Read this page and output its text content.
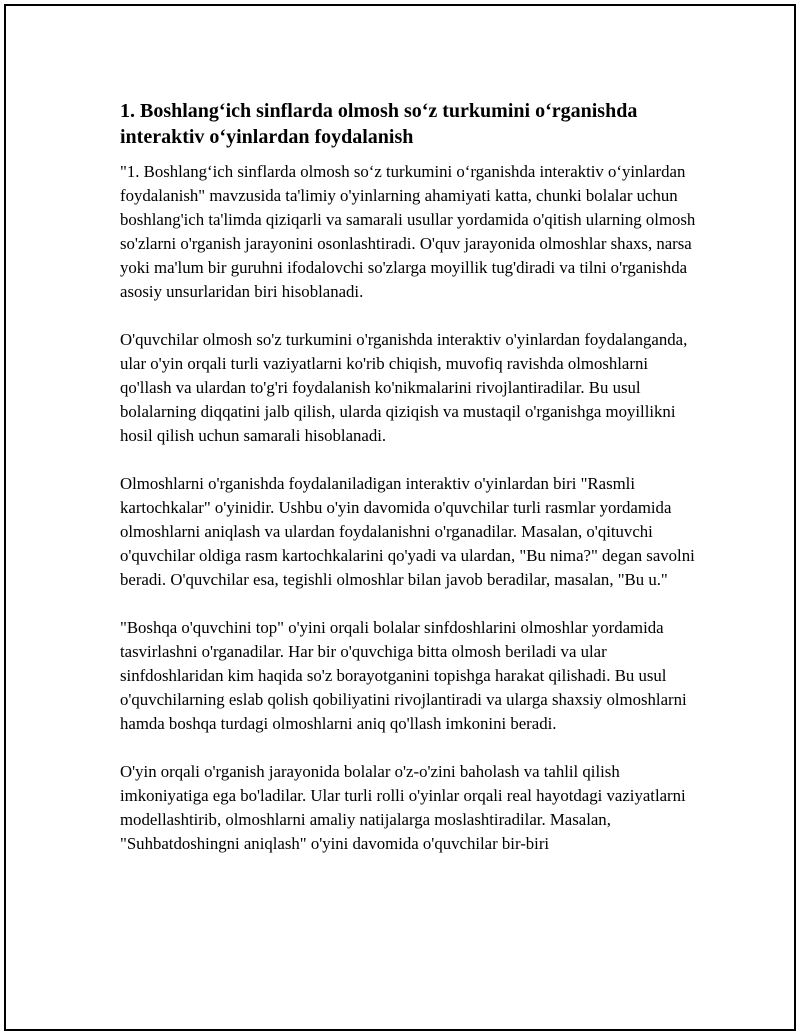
1. Boshlang‘ich sinflarda olmosh so‘z turkumini o‘rganishda interaktiv o‘yinlardan foydalanish

"1. Boshlang‘ich sinflarda olmosh so‘z turkumini o‘rganishda interaktiv o‘yinlardan foydalanish" mavzusida ta'limiy o'yinlarning ahamiyati katta, chunki bolalar uchun boshlang'ich ta'limda qiziqarli va samarali usullar yordamida o'qitish ularning olmosh so'zlarni o'rganish jarayonini osonlashtiradi. O'quv jarayonida olmoshlar shaxs, narsa yoki ma'lum bir guruhni ifodalovchi so'zlarga moyillik tug'diradi va tilni o'rganishda asosiy unsurlaridan biri hisoblanadi.

O'quvchilar olmosh so'z turkumini o'rganishda interaktiv o'yinlardan foydalanganda, ular o'yin orqali turli vaziyatlarni ko'rib chiqish, muvofiq ravishda olmoshlarni qo'llash va ulardan to'g'ri foydalanish ko'nikmalarini rivojlantiradilar. Bu usul bolalarning diqqatini jalb qilish, ularda qiziqish va mustaqil o'rganishga moyillikni hosil qilish uchun samarali hisoblanadi.

Olmoshlarni o'rganishda foydalaniladigan interaktiv o'yinlardan biri "Rasmli kartochkalar" o'yinidir. Ushbu o'yin davomida o'quvchilar turli rasmlar yordamida olmoshlarni aniqlash va ulardan foydalanishni o'rganadilar. Masalan, o'qituvchi o'quvchilar oldiga rasm kartochkalarini qo'yadi va ulardan, "Bu nima?" degan savolni beradi. O'quvchilar esa, tegishli olmoshlar bilan javob beradilar, masalan, "Bu u."

"Boshqa o'quvchini top" o'yini orqali bolalar sinfdoshlarini olmoshlar yordamida tasvirlashni o'rganadilar. Har bir o'quvchiga bitta olmosh beriladi va ular sinfdoshlaridan kim haqida so'z borayotganini topishga harakat qilishadi. Bu usul o'quvchilarning eslab qolish qobiliyatini rivojlantiradi va ularga shaxsiy olmoshlarni hamda boshqa turdagi olmoshlarni aniq qo'llash imkonini beradi.

O'yin orqali o'rganish jarayonida bolalar o'z-o'zini baholash va tahlil qilish imkoniyatiga ega bo'ladilar. Ular turli rolli o'yinlar orqali real hayotdagi vaziyatlarni modellashtirib, olmoshlarni amaliy natijalarga moslashtiradilar. Masalan, "Suhbatdoshingni aniqlash" o'yini davomida o'quvchilar bir-biri
